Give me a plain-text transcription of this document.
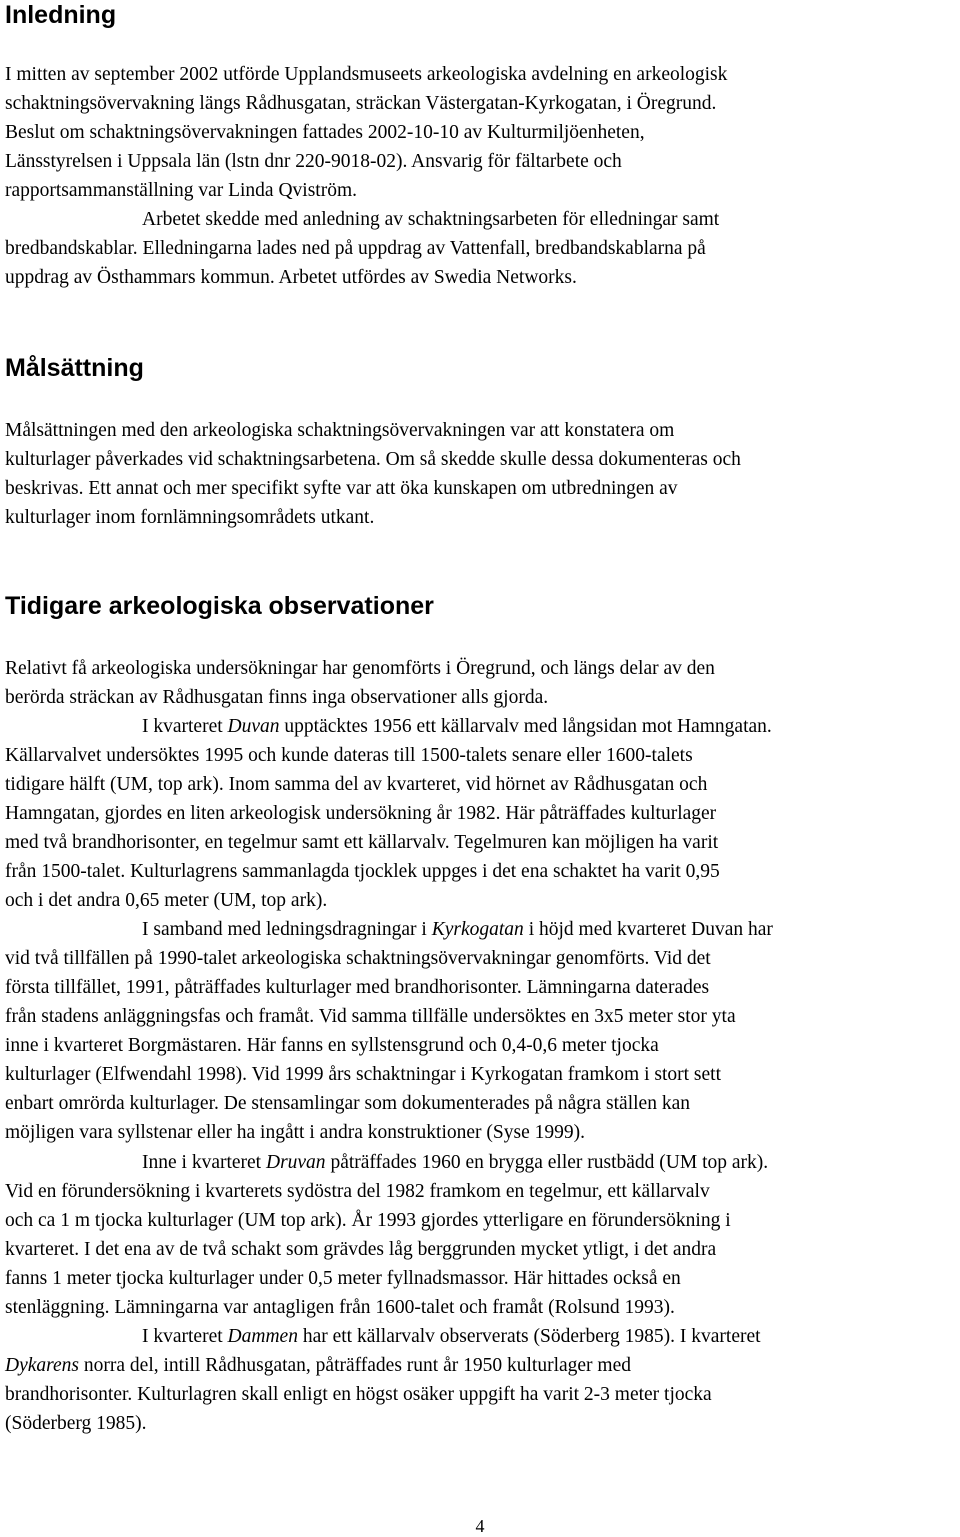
Inledning
I mitten av september 2002 utförde Upplandsmuseets arkeologiska avdelning en arkeologisk
schaktningsövervakning längs Rådhusgatan, sträckan Västergatan-Kyrkogatan, i Öregrund.
Beslut om schaktningsövervakningen fattades 2002-10-10 av Kulturmiljöenheten,
Länsstyrelsen i Uppsala län (lstn dnr 220-9018-02). Ansvarig för fältarbete och
rapportsammanställning var Linda Qviström.
Arbetet skedde med anledning av schaktningsarbeten för elledningar samt
bredbandskablar. Elledningarna lades ned på uppdrag av Vattenfall, bredbandskablarna på
uppdrag av Östhammars kommun. Arbetet utfördes av Swedia Networks.
Målsättning
Målsättningen med den arkeologiska schaktningsövervakningen var att konstatera om
kulturlager påverkades vid schaktningsarbetena. Om så skedde skulle dessa dokumenteras och
beskrivas. Ett annat och mer specifikt syfte var att öka kunskapen om utbredningen av
kulturlager inom fornlämningsområdets utkant.
Tidigare arkeologiska observationer
Relativt få arkeologiska undersökningar har genomförts i Öregrund, och längs delar av den
berörda sträckan av Rådhusgatan finns inga observationer alls gjorda.
I kvarteret Duvan upptäcktes 1956 ett källarvalv med långsidan mot Hamngatan.
Källarvalvet undersöktes 1995 och kunde dateras till 1500-talets senare eller 1600-talets
tidigare hälft (UM, top ark). Inom samma del av kvarteret, vid hörnet av Rådhusgatan och
Hamngatan, gjordes en liten arkeologisk undersökning år 1982. Här påträffades kulturlager
med två brandhorisonter, en tegelmur samt ett källarvalv. Tegelmuren kan möjligen ha varit
från 1500-talet. Kulturlagrens sammanlagda tjocklek uppges i det ena schaktet ha varit 0,95
och i det andra 0,65 meter (UM, top ark).
I samband med ledningsdragningar i Kyrkogatan i höjd med kvarteret Duvan har
vid två tillfällen på 1990-talet arkeologiska schaktningsövervakningar genomförts. Vid det
första tillfället, 1991, påträffades kulturlager med brandhorisonter. Lämningarna daterades
från stadens anläggningsfas och framåt. Vid samma tillfälle undersöktes en 3x5 meter stor yta
inne i kvarteret Borgmästaren. Här fanns en syllstensgrund och 0,4-0,6 meter tjocka
kulturlager (Elfwendahl 1998). Vid 1999 års schaktningar i Kyrkogatan framkom i stort sett
enbart omrörda kulturlager. De stensamlingar som dokumenterades på några ställen kan
möjligen vara syllstenar eller ha ingått i andra konstruktioner (Syse 1999).
Inne i kvarteret Druvan påträffades 1960 en brygga eller rustbädd (UM top ark).
Vid en förundersökning i kvarterets sydöstra del 1982 framkom en tegelmur, ett källarvalv
och ca 1 m tjocka kulturlager (UM top ark). År 1993 gjordes ytterligare en förundersökning i
kvarteret. I det ena av de två schakt som grävdes låg berggrunden mycket ytligt, i det andra
fanns 1 meter tjocka kulturlager under 0,5 meter fyllnadsmassor. Här hittades också en
stenläggning. Lämningarna var antagligen från 1600-talet och framåt (Rolsund 1993).
I kvarteret Dammen har ett källarvalv observerats (Söderberg 1985). I kvarteret
Dykarens norra del, intill Rådhusgatan, påträffades runt år 1950 kulturlager med
brandhorisonter. Kulturlagren skall enligt en högst osäker uppgift ha varit 2-3 meter tjocka
(Söderberg 1985).
4
